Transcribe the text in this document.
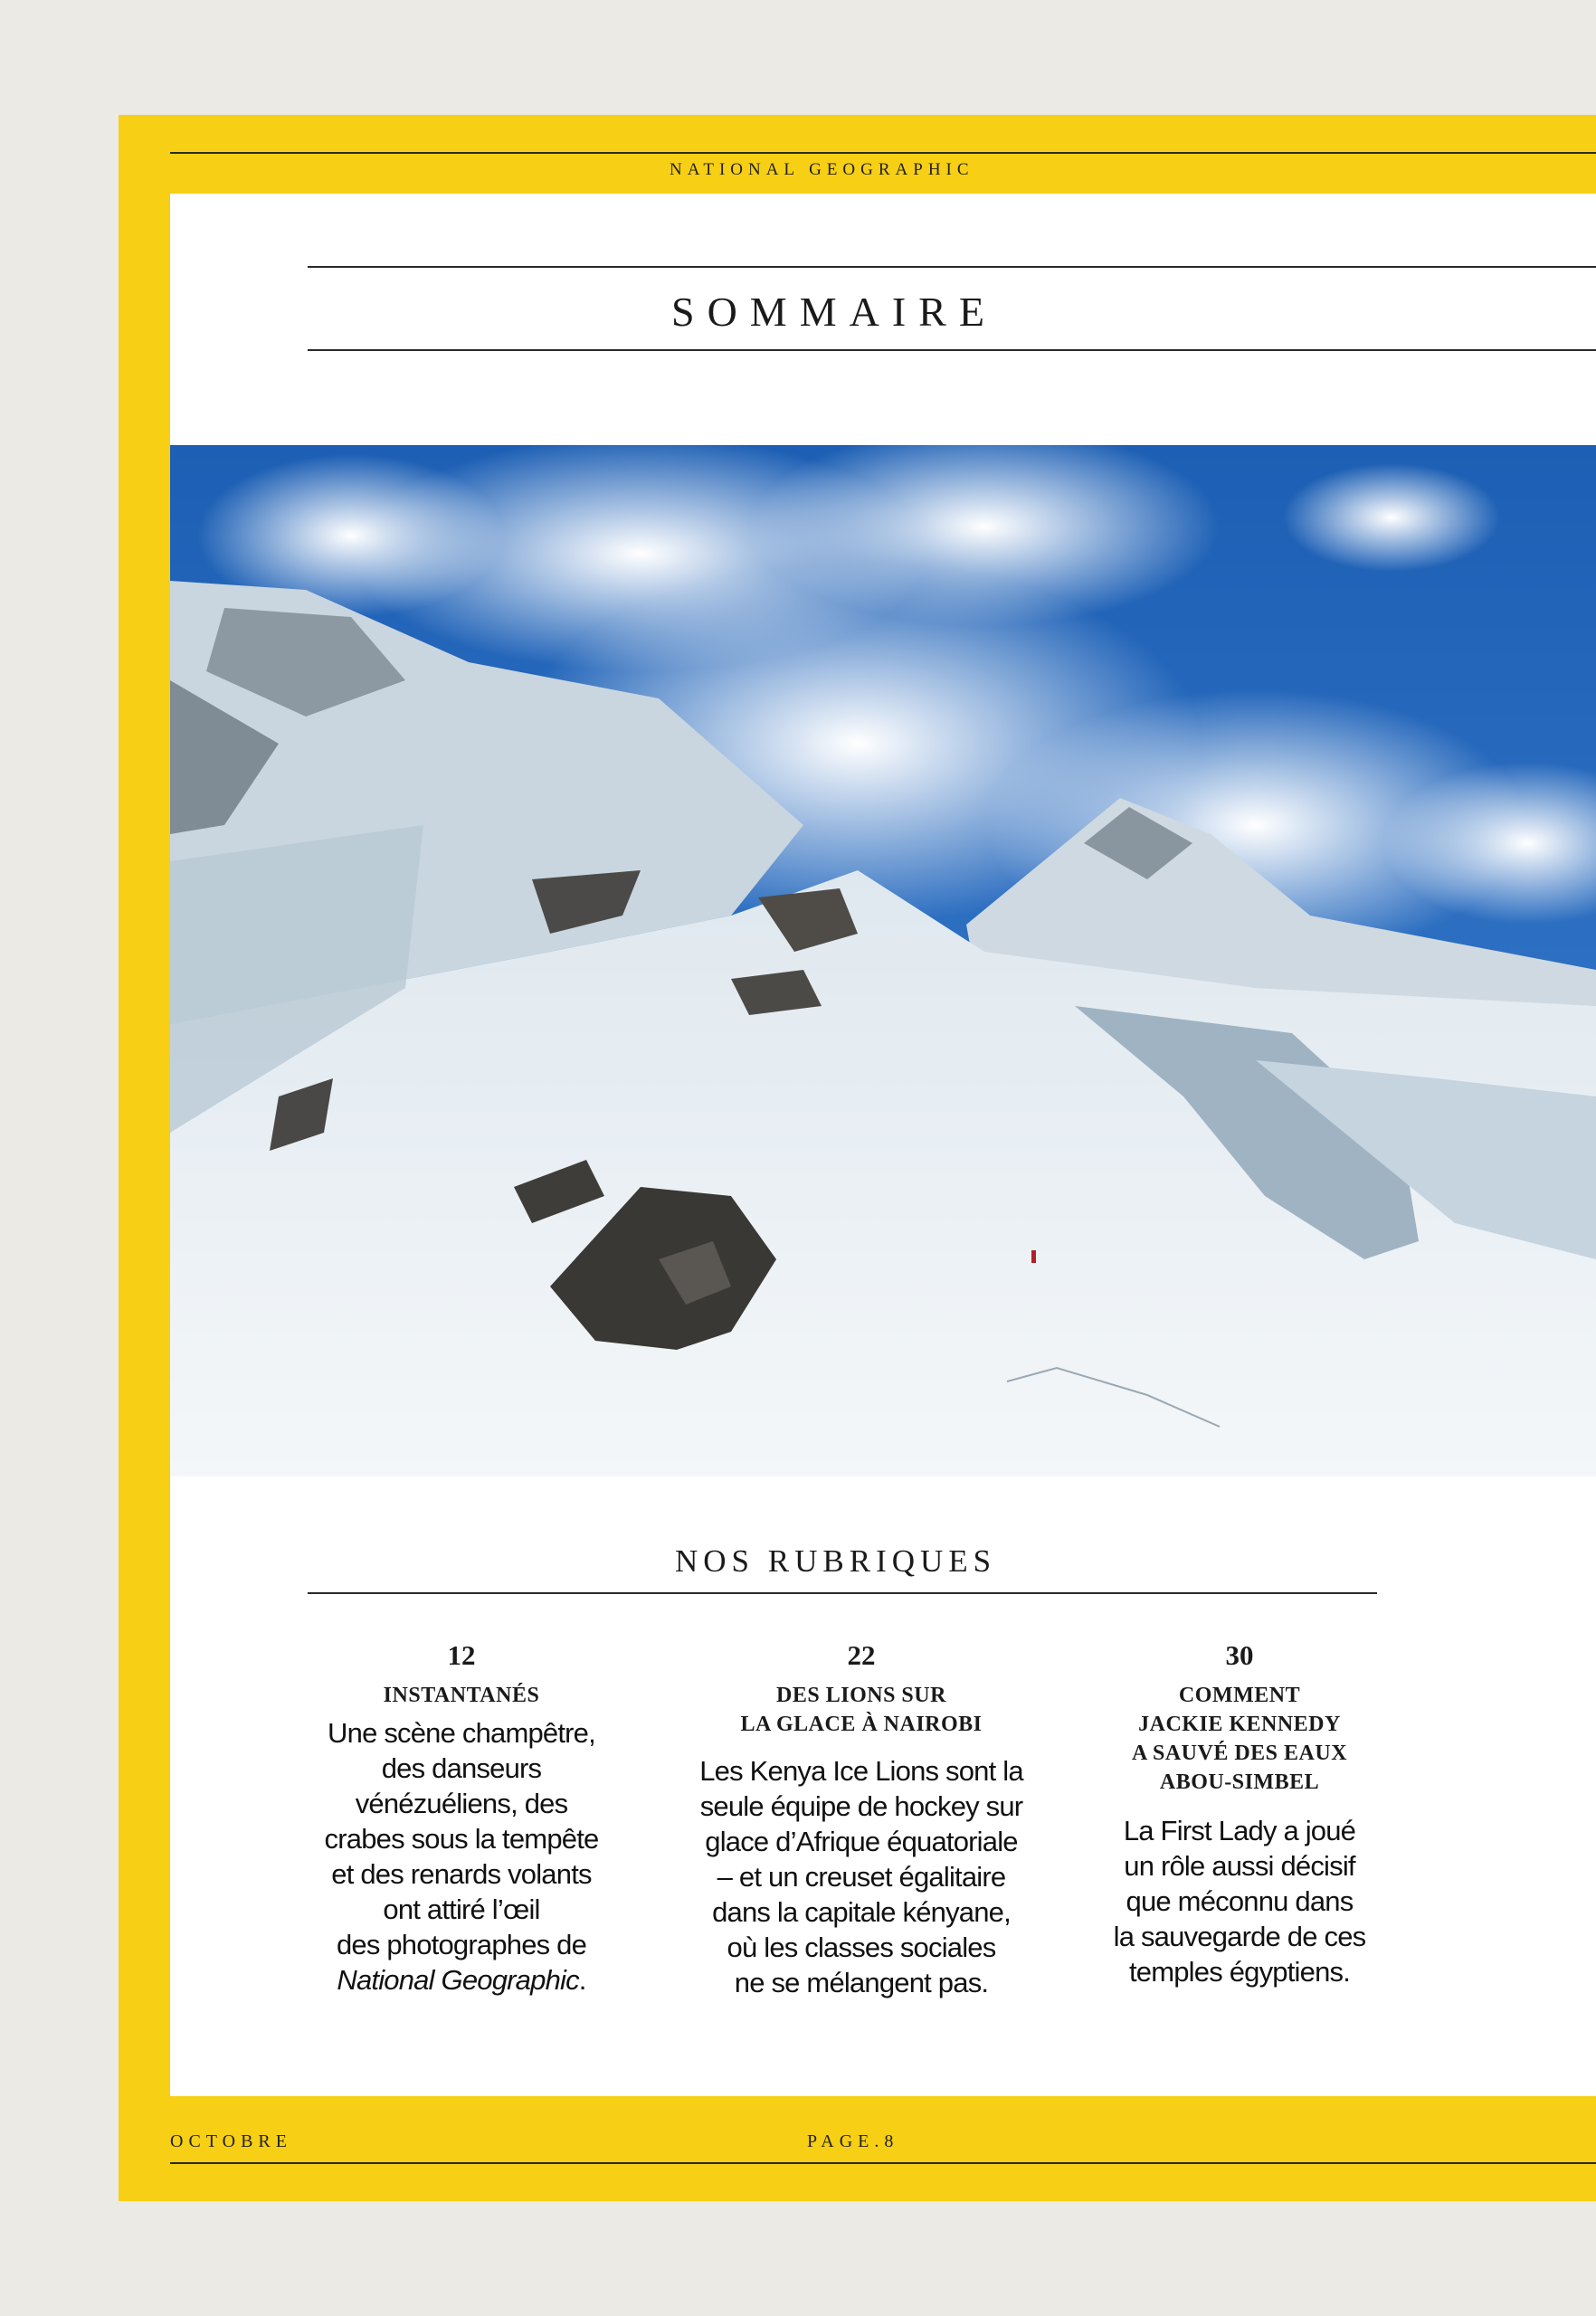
NATIONAL GEOGRAPHIC
SOMMAIRE
NOS RUBRIQUES
12
INSTANTANÉS
Une scène champêtre,
des danseurs
vénézuéliens, des
crabes sous la tempête
et des renards volants
ont attiré l’œil
des photographes de
National Geographic.
22
DES LIONS SUR
LA GLACE À NAIROBI
Les Kenya Ice Lions sont la
seule équipe de hockey sur
glace d’Afrique équatoriale
– et un creuset égalitaire
dans la capitale kényane,
où les classes sociales
ne se mélangent pas.
30
COMMENT
JACKIE KENNEDY
A SAUVÉ DES EAUX
ABOU-SIMBEL
La First Lady a joué
un rôle aussi décisif
que méconnu dans
la sauvegarde de ces
temples égyptiens.
OCTOBRE	PAGE.8
